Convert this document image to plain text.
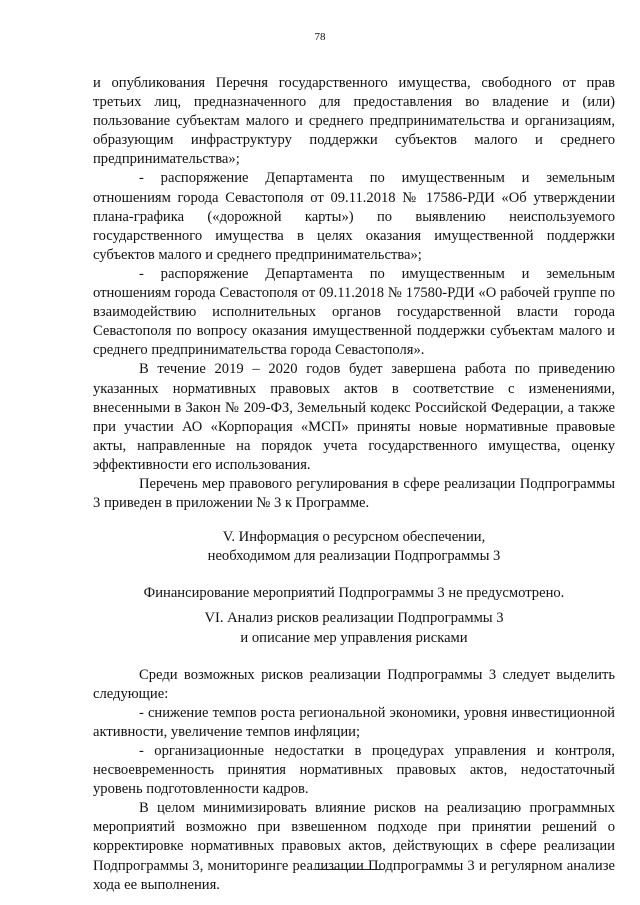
78

и опубликования Перечня государственного имущества, свободного от прав третьих лиц, предназначенного для предоставления во владение и (или) пользование субъектам малого и среднего предпринимательства и организациям, образующим инфраструктуру поддержки субъектов малого и среднего предпринимательства»;

- распоряжение Департамента по имущественным и земельным отношениям города Севастополя от 09.11.2018 № 17586-РДИ «Об утверждении плана-графика («дорожной карты») по выявлению неиспользуемого государственного имущества в целях оказания имущественной поддержки субъектов малого и среднего предпринимательства»;

- распоряжение Департамента по имущественным и земельным отношениям города Севастополя от 09.11.2018 № 17580-РДИ «О рабочей группе по взаимодействию исполнительных органов государственной власти города Севастополя по вопросу оказания имущественной поддержки субъектам малого и среднего предпринимательства города Севастополя».

В течение 2019 – 2020 годов будет завершена работа по приведению указанных нормативных правовых актов в соответствие с изменениями, внесенными в Закон № 209-ФЗ, Земельный кодекс Российской Федерации, а также при участии АО «Корпорация «МСП» приняты новые нормативные правовые акты, направленные на порядок учета государственного имущества, оценку эффективности его использования.

Перечень мер правового регулирования в сфере реализации Подпрограммы 3 приведен в приложении № 3 к Программе.

V. Информация о ресурсном обеспечении,
необходимом для реализации Подпрограммы 3

Финансирование мероприятий Подпрограммы 3 не предусмотрено.

VI. Анализ рисков реализации Подпрограммы 3
и описание мер управления рисками

Среди возможных рисков реализации Подпрограммы 3 следует выделить следующие:

- снижение темпов роста региональной экономики, уровня инвестиционной активности, увеличение темпов инфляции;

- организационные недостатки в процедурах управления и контроля, несвоевременность принятия нормативных правовых актов, недостаточный уровень подготовленности кадров.

В целом минимизировать влияние рисков на реализацию программных мероприятий возможно при взвешенном подходе при принятии решений о корректировке нормативных правовых актов, действующих в сфере реализации Подпрограммы 3, мониторинге реализации Подпрограммы 3 и регулярном анализе хода ее выполнения.
